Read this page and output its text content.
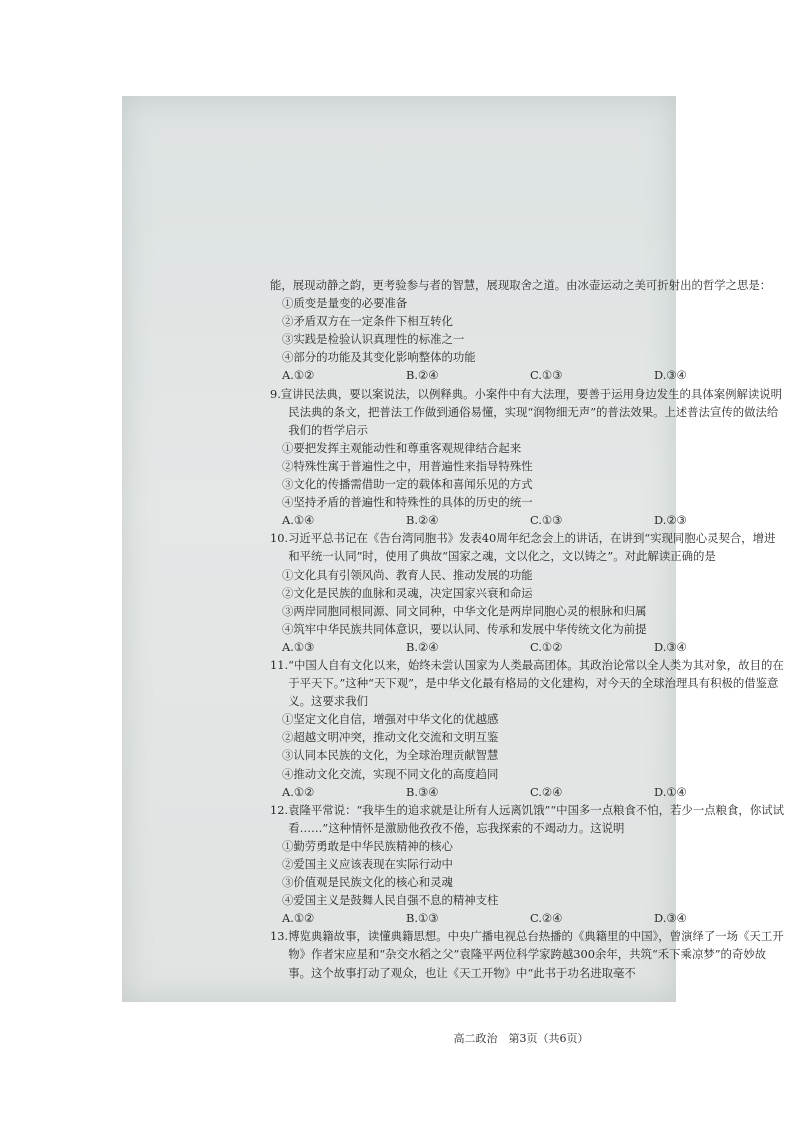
能，展现动静之韵，更考验参与者的智慧，展现取舍之道。由冰壶运动之美可折射出的哲学之思是：

①质变是量变的必要准备

②矛盾双方在一定条件下相互转化

③实践是检验认识真理性的标准之一

④部分的功能及其变化影响整体的功能

A.①②	B.②④	C.①③	D.③④

9.宣讲民法典，要以案说法，以例释典。小案件中有大法理，要善于运用身边发生的具体案例解读说明民法典的条文，把普法工作做到通俗易懂，实现“润物细无声”的普法效果。上述普法宣传的做法给我们的哲学启示

①要把发挥主观能动性和尊重客观规律结合起来

②特殊性寓于普遍性之中，用普遍性来指导特殊性

③文化的传播需借助一定的载体和喜闻乐见的方式

④坚持矛盾的普遍性和特殊性的具体的历史的统一

A.①④	B.②④	C.①③	D.②③

10.习近平总书记在《告台湾同胞书》发表40周年纪念会上的讲话，在讲到“实现同胞心灵契合，增进和平统一认同”时，使用了典故“国家之魂，文以化之，文以铸之”。对此解读正确的是

①文化具有引领风尚、教育人民、推动发展的功能

②文化是民族的血脉和灵魂，决定国家兴衰和命运

③两岸同胞同根同源、同文同种，中华文化是两岸同胞心灵的根脉和归属

④筑牢中华民族共同体意识，要以认同、传承和发展中华传统文化为前提

A.①③	B.②④	C.①②	D.③④

11.“中国人自有文化以来，始终未尝认国家为人类最高团体。其政治论常以全人类为其对象，故目的在于平天下。”这种“天下观”，是中华文化最有格局的文化建构，对今天的全球治理具有积极的借鉴意义。这要求我们

①坚定文化自信，增强对中华文化的优越感

②超越文明冲突，推动文化交流和文明互鉴

③认同本民族的文化，为全球治理贡献智慧

④推动文化交流，实现不同文化的高度趋同

A.①②	B.③④	C.②④	D.①④

12.袁隆平常说：“我毕生的追求就是让所有人远离饥饿”“中国多一点粮食不怕，若少一点粮食，你试试看……”这种情怀是激励他孜孜不倦，忘我探索的不竭动力。这说明

①勤劳勇敢是中华民族精神的核心

②爱国主义应该表现在实际行动中

③价值观是民族文化的核心和灵魂

④爱国主义是鼓舞人民自强不息的精神支柱

A.①②	B.①③	C.②④	D.③④

13.博览典籍故事，读懂典籍思想。中央广播电视总台热播的《典籍里的中国》，曾演绎了一场《天工开物》作者宋应星和“杂交水稻之父”袁隆平两位科学家跨越300余年，共筑“禾下乘凉梦”的奇妙故事。这个故事打动了观众，也让《天工开物》中“此书于功名进取毫不

高二政治　第3页（共6页）
